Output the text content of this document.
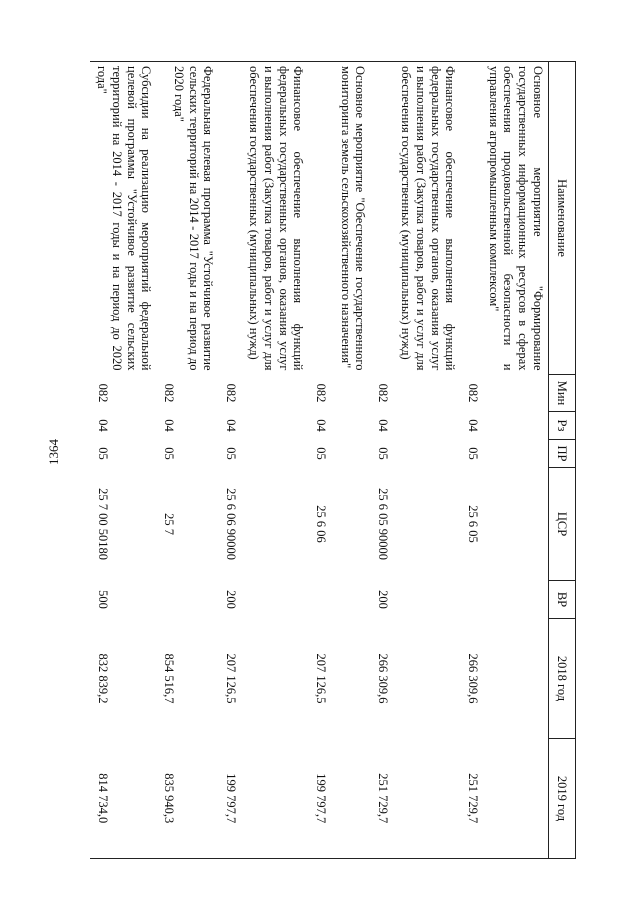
1364
Наименование	Мин	Рз	ПР	ЦСР	ВР	2018 год	2019 год
Основное мероприятие "Формирование государственных информационных ресурсов в сферах обеспечения продовольственной безопасности и управления агропромышленным комплексом"	082	04	05	25 6 05		266 309,6	251 729,7
Финансовое обеспечение выполнения функций федеральных государственных органов, оказания услуг и выполнения работ (Закупка товаров, работ и услуг для обеспечения государственных (муниципальных) нужд)	082	04	05	25 6 05 90000	200	266 309,6	251 729,7
Основное мероприятие "Обеспечение государственного мониторинга земель сельскохозяйственного назначения"	082	04	05	25 6 06		207 126,5	199 797,7
Финансовое обеспечение выполнения функций федеральных государственных органов, оказания услуг и выполнения работ (Закупка товаров, работ и услуг для обеспечения государственных (муниципальных) нужд)	082	04	05	25 6 06 90000	200	207 126,5	199 797,7
Федеральная целевая программа "Устойчивое развитие сельских территорий на 2014 - 2017 годы и на период до 2020 года"	082	04	05	25 7		854 516,7	835 940,3
Субсидии на реализацию мероприятий федеральной целевой программы "Устойчивое развитие сельских территорий на 2014 - 2017 годы и на период до 2020 года"	082	04	05	25 7 00 50180	500	832 839,2	814 734,0
